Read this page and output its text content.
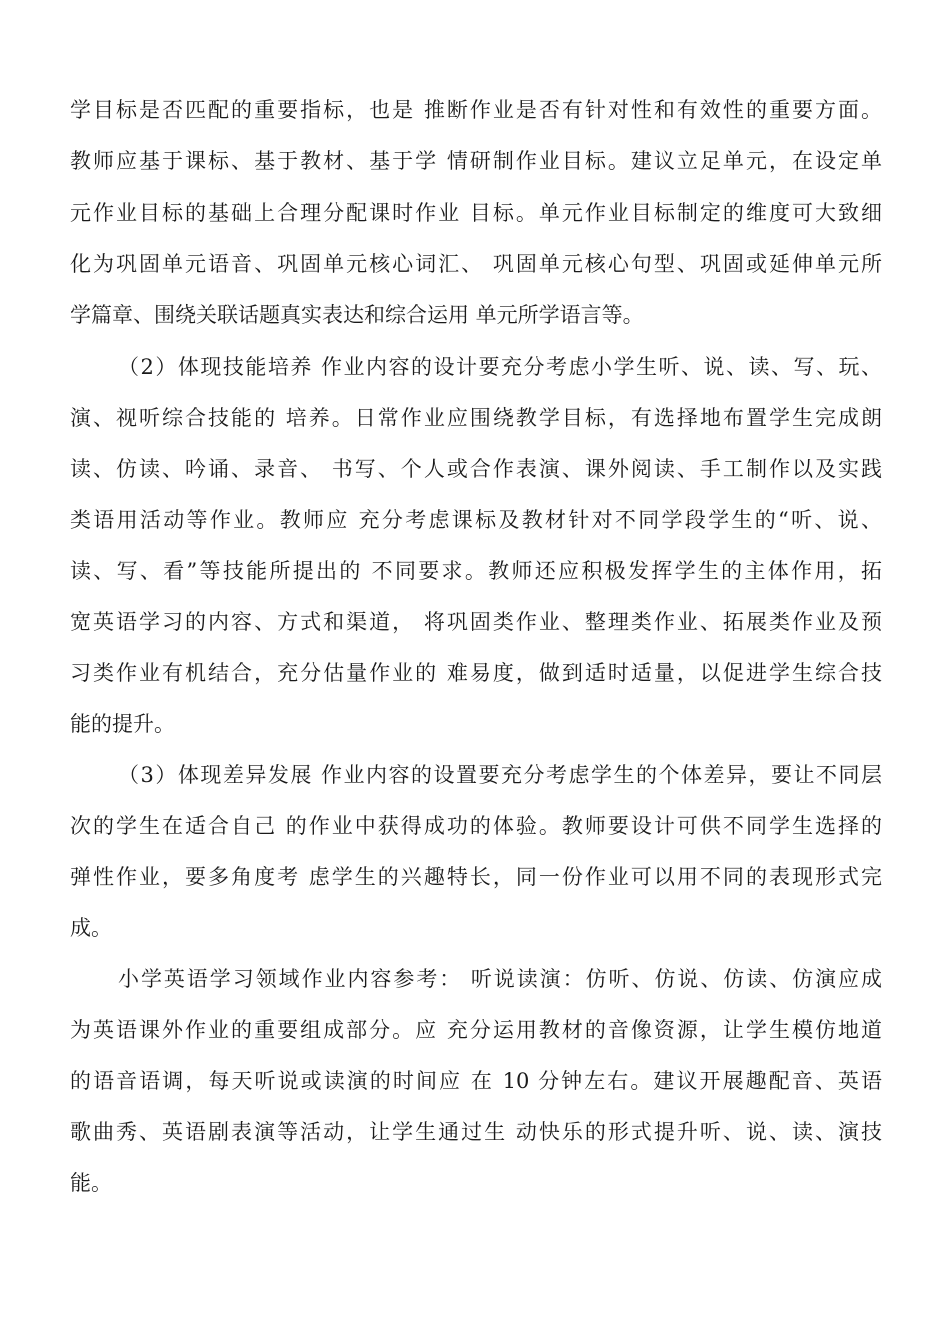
学目标是否匹配的重要指标，也是 推断作业是否有针对性和有效性的重要方面。
教师应基于课标、基于教材、基于学 情研制作业目标。建议立足单元，在设定单
元作业目标的基础上合理分配课时作业 目标。单元作业目标制定的维度可大致细
化为巩固单元语音、巩固单元核心词汇、 巩固单元核心句型、巩固或延伸单元所
学篇章、围绕关联话题真实表达和综合运用 单元所学语言等。
（2）体现技能培养 作业内容的设计要充分考虑小学生听、说、读、写、玩、
演、视听综合技能的 培养。日常作业应围绕教学目标，有选择地布置学生完成朗
读、仿读、吟诵、录音、 书写、个人或合作表演、课外阅读、手工制作以及实践
类语用活动等作业。教师应 充分考虑课标及教材针对不同学段学生的“听、说、
读、写、看”等技能所提出的 不同要求。教师还应积极发挥学生的主体作用，拓
宽英语学习的内容、方式和渠道， 将巩固类作业、整理类作业、拓展类作业及预
习类作业有机结合，充分估量作业的 难易度，做到适时适量，以促进学生综合技
能的提升。
（3）体现差异发展 作业内容的设置要充分考虑学生的个体差异，要让不同层
次的学生在适合自己 的作业中获得成功的体验。教师要设计可供不同学生选择的
弹性作业，要多角度考 虑学生的兴趣特长，同一份作业可以用不同的表现形式完
成。
小学英语学习领域作业内容参考： 听说读演：仿听、仿说、仿读、仿演应成
为英语课外作业的重要组成部分。应 充分运用教材的音像资源，让学生模仿地道
的语音语调，每天听说或读演的时间应 在 10 分钟左右。建议开展趣配音、英语
歌曲秀、英语剧表演等活动，让学生通过生 动快乐的形式提升听、说、读、演技
能。
